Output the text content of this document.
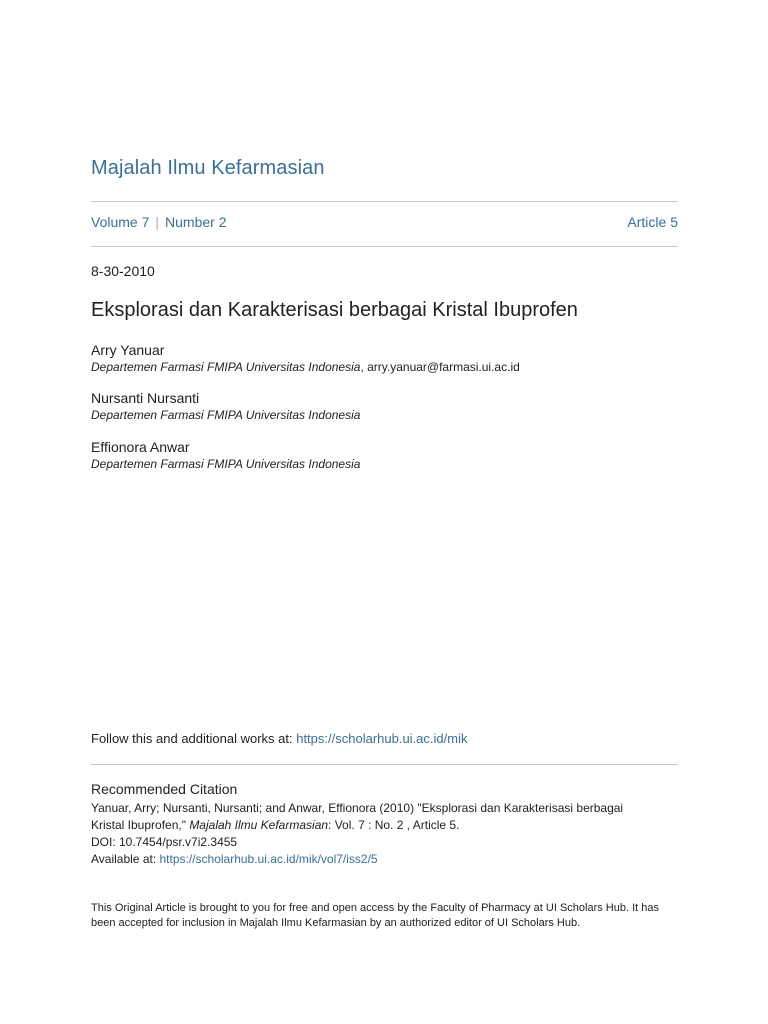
Majalah Ilmu Kefarmasian
Volume 7 | Number 2	Article 5
8-30-2010
Eksplorasi dan Karakterisasi berbagai Kristal Ibuprofen
Arry Yanuar
Departemen Farmasi FMIPA Universitas Indonesia, arry.yanuar@farmasi.ui.ac.id
Nursanti Nursanti
Departemen Farmasi FMIPA Universitas Indonesia
Effionora Anwar
Departemen Farmasi FMIPA Universitas Indonesia
Follow this and additional works at: https://scholarhub.ui.ac.id/mik
Recommended Citation
Yanuar, Arry; Nursanti, Nursanti; and Anwar, Effionora (2010) "Eksplorasi dan Karakterisasi berbagai
Kristal Ibuprofen," Majalah Ilmu Kefarmasian: Vol. 7 : No. 2 , Article 5.
DOI: 10.7454/psr.v7i2.3455
Available at: https://scholarhub.ui.ac.id/mik/vol7/iss2/5
This Original Article is brought to you for free and open access by the Faculty of Pharmacy at UI Scholars Hub. It has been accepted for inclusion in Majalah Ilmu Kefarmasian by an authorized editor of UI Scholars Hub.
